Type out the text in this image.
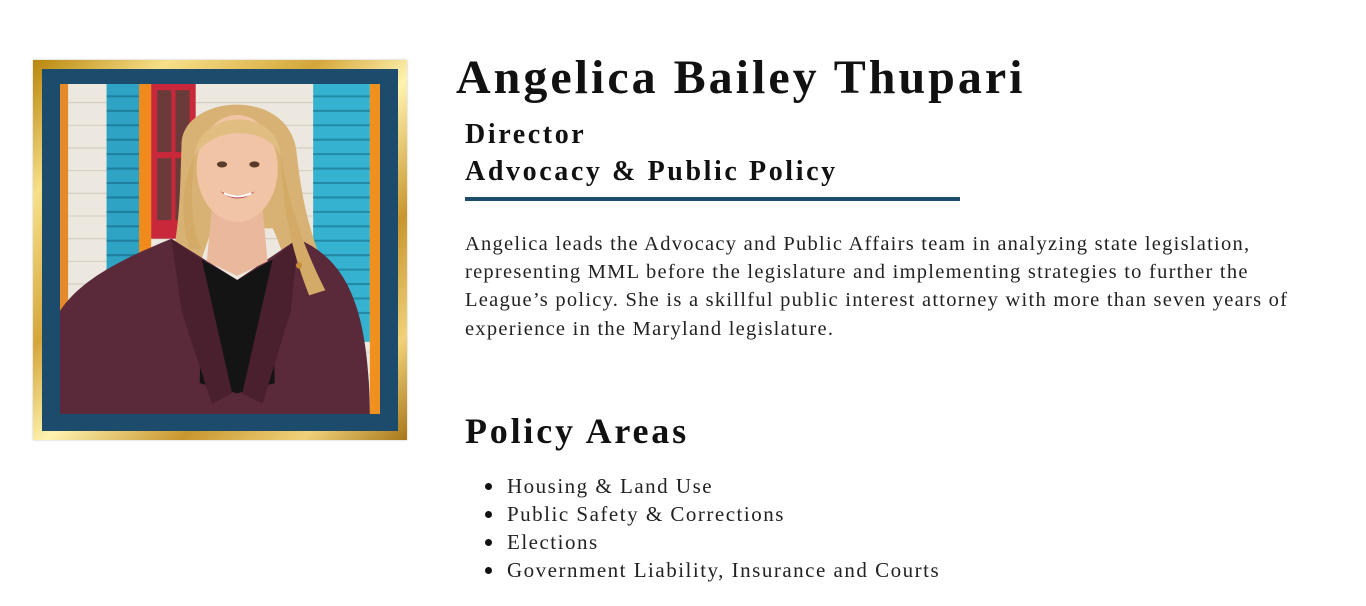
Angelica Bailey Thupari
Director
Advocacy & Public Policy

Angelica leads the Advocacy and Public Affairs team in analyzing state legislation, representing MML before the legislature and implementing strategies to further the League’s policy. She is a skillful public interest attorney with more than seven years of experience in the Maryland legislature.

Policy Areas
Housing & Land Use
Public Safety & Corrections
Elections
Government Liability, Insurance and Courts
